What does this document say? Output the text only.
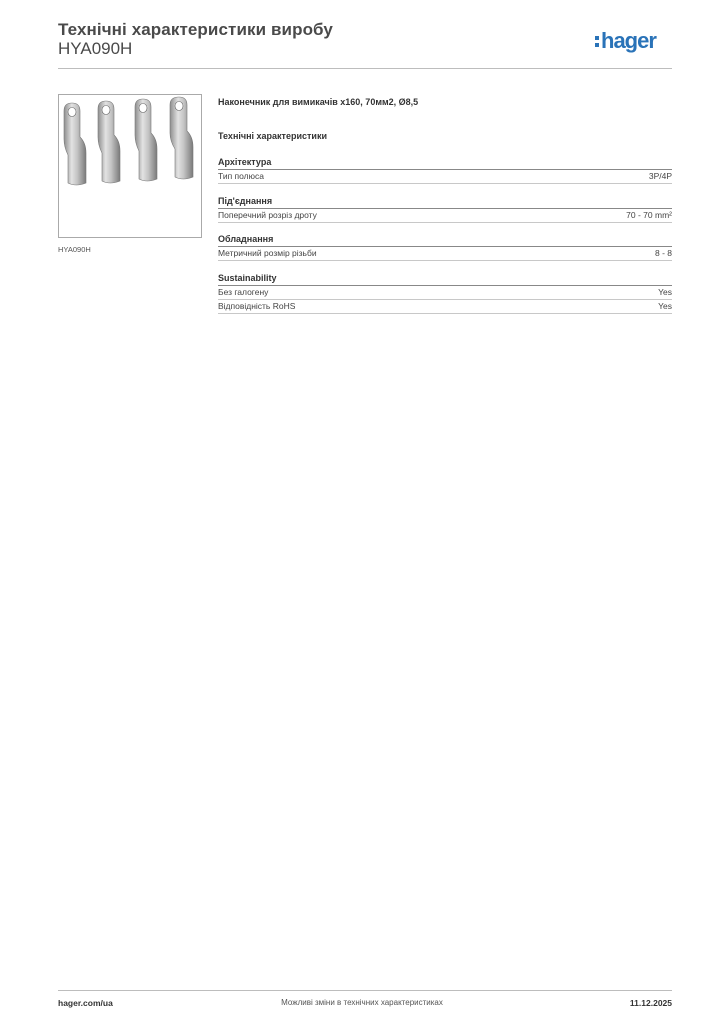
Технічні характеристики виробу
HYA090H	hager
HYA090H
Наконечник для вимикачів x160, 70мм2, Ø8,5
Технічні характеристики
Архітектура
Тип полюса	3P/4P
Під'єднання
Поперечний розріз дроту	70 - 70 mm²
Обладнання
Метричний розмір різьби	8 - 8
Sustainability
Без галогену	Yes
Відповідність RoHS	Yes
hager.com/ua	Можливі зміни в технічних характеристиках	11.12.2025
